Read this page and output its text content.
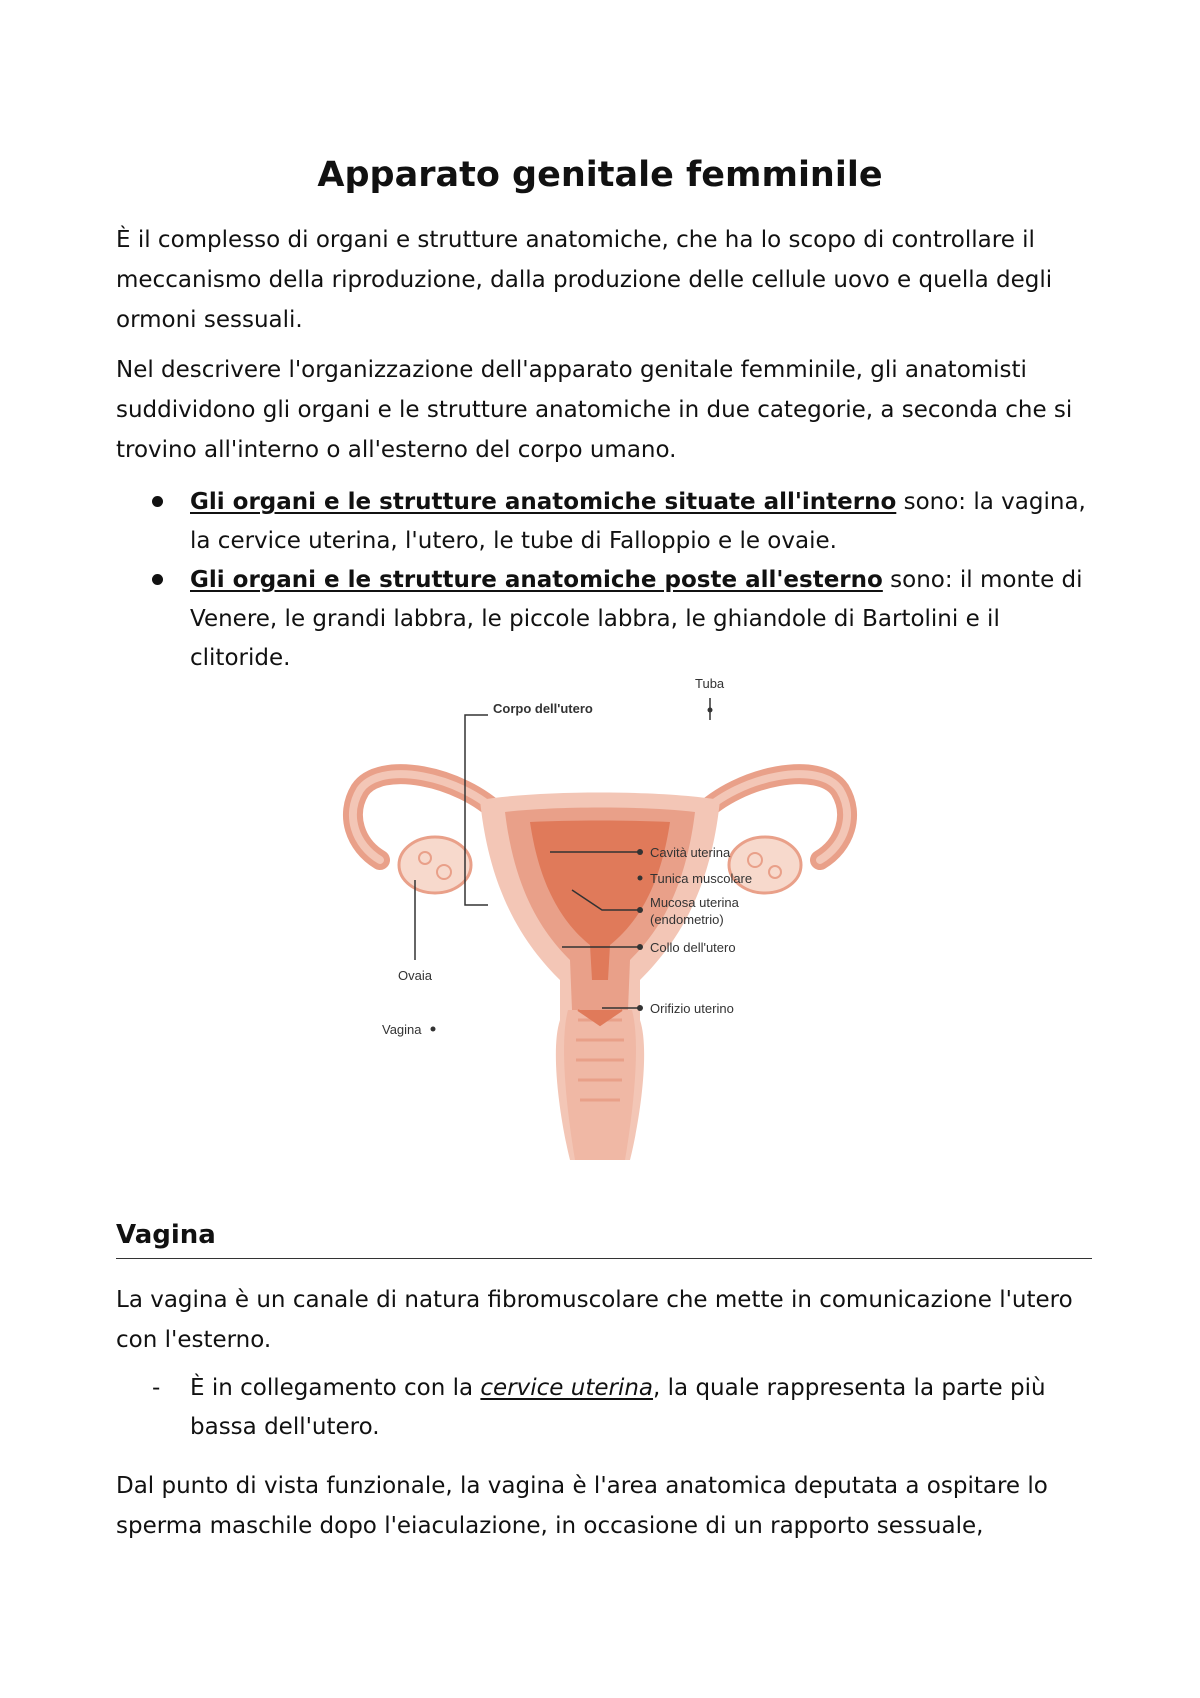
Apparato genitale femminile

È il complesso di organi e strutture anatomiche, che ha lo scopo di controllare il meccanismo della riproduzione, dalla produzione delle cellule uovo e quella degli ormoni sessuali.

Nel descrivere l'organizzazione dell'apparato genitale femminile, gli anatomisti suddividono gli organi e le strutture anatomiche in due categorie, a seconda che si trovino all'interno o all'esterno del corpo umano.

Gli organi e le strutture anatomiche situate all'interno sono: la vagina, la cervice uterina, l'utero, le tube di Falloppio e le ovaie.
Gli organi e le strutture anatomiche poste all'esterno sono: il monte di Venere, le grandi labbra, le piccole labbra, le ghiandole di Bartolini e il clitoride.
Corpo dell'utero
Tuba
Cavità uterina
Tunica muscolare
Mucosa uterina
(endometrio)
Collo dell'utero
Orifizio uterino
Ovaia
Vagina
Vagina

La vagina è un canale di natura fibromuscolare che mette in comunicazione l'utero con l'esterno.

- È in collegamento con la cervice uterina, la quale rappresenta la parte più bassa dell'utero.

Dal punto di vista funzionale, la vagina è l'area anatomica deputata a ospitare lo sperma maschile dopo l'eiaculazione, in occasione di un rapporto sessuale,
